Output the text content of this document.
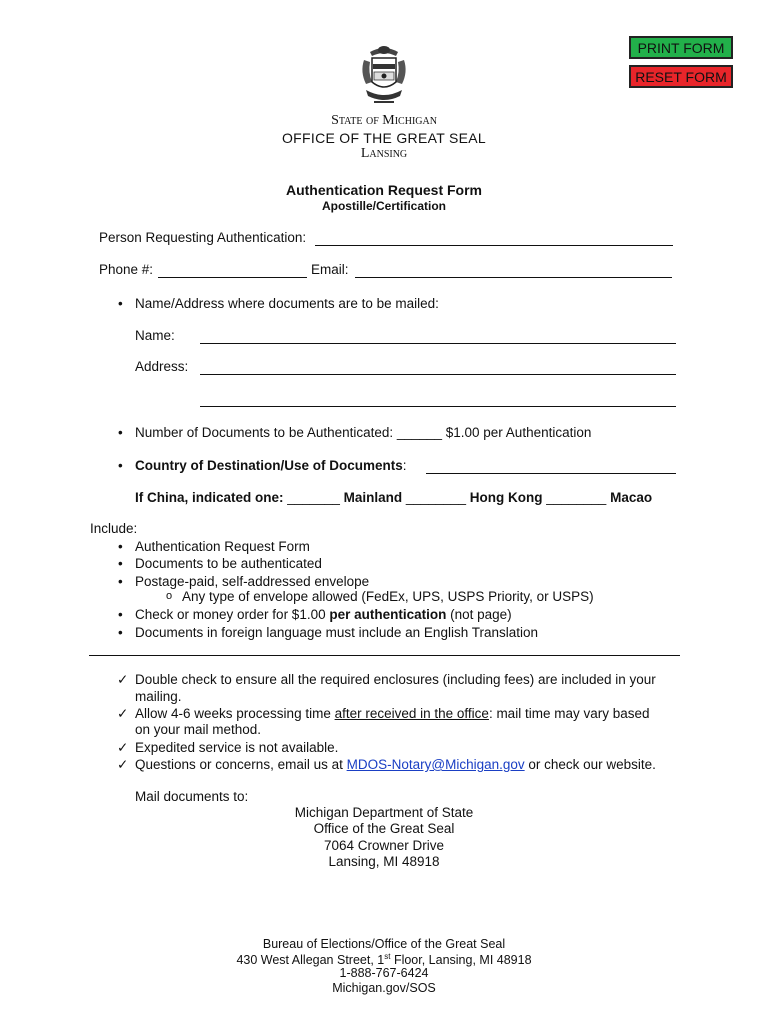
PRINT FORM
RESET FORM
State of Michigan
OFFICE OF THE GREAT SEAL
Lansing
Authentication Request Form
Apostille/Certification
Person Requesting Authentication:
Phone #:	Email:
• Name/Address where documents are to be mailed:
Name:
Address:
• Number of Documents to be Authenticated: ______ $1.00 per Authentication
• Country of Destination/Use of Documents:
If China, indicated one: _______ Mainland ________ Hong Kong ________ Macao
Include:
• Authentication Request Form
• Documents to be authenticated
• Postage-paid, self-addressed envelope
o Any type of envelope allowed (FedEx, UPS, USPS Priority, or USPS)
• Check or money order for $1.00 per authentication (not page)
• Documents in foreign language must include an English Translation
✓ Double check to ensure all the required enclosures (including fees) are included in your
mailing.
✓ Allow 4-6 weeks processing time after received in the office: mail time may vary based
on your mail method.
✓ Expedited service is not available.
✓ Questions or concerns, email us at MDOS-Notary@Michigan.gov or check our website.
Mail documents to:
Michigan Department of State
Office of the Great Seal
7064 Crowner Drive
Lansing, MI 48918
Bureau of Elections/Office of the Great Seal
430 West Allegan Street, 1st Floor, Lansing, MI 48918
1-888-767-6424
Michigan.gov/SOS
